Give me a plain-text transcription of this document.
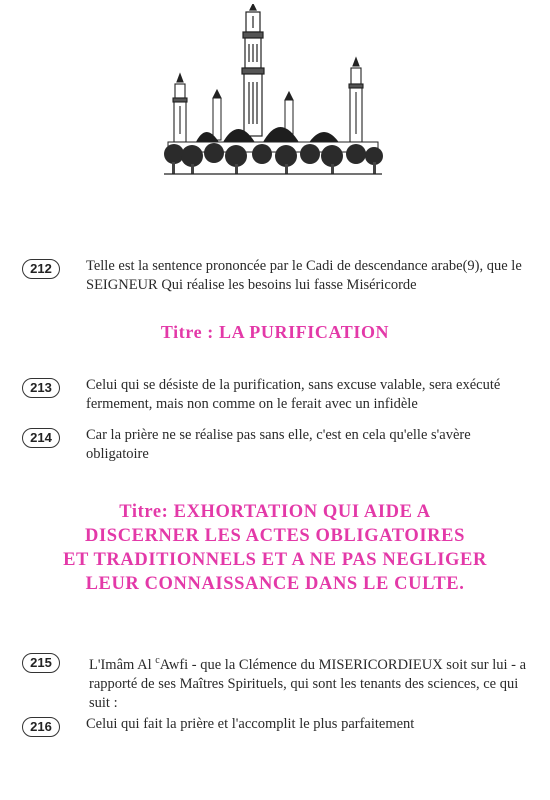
212	Telle est la sentence prononcée par le Cadi de descendance arabe(9), que le SEIGNEUR Qui réalise les besoins lui fasse Miséricorde
Titre : LA PURIFICATION
213	Celui qui se désiste de la purification, sans excuse valable, sera exécuté fermement, mais non comme on le ferait avec un infidèle
214	Car la prière ne se réalise pas sans elle, c'est en cela qu'elle s'avère obligatoire
Titre: EXHORTATION QUI AIDE A
DISCERNER LES ACTES OBLIGATOIRES
ET TRADITIONNELS ET A NE PAS NEGLIGER
LEUR CONNAISSANCE DANS LE CULTE.
215	L'Imâm Al $^c$Awfi - que la Clémence du MISERICORDIEUX soit sur lui - a rapporté de ses Maîtres Spirituels, qui sont les tenants des sciences, ce qui suit :
216	Celui qui fait la prière et l'accomplit le plus parfaitement
